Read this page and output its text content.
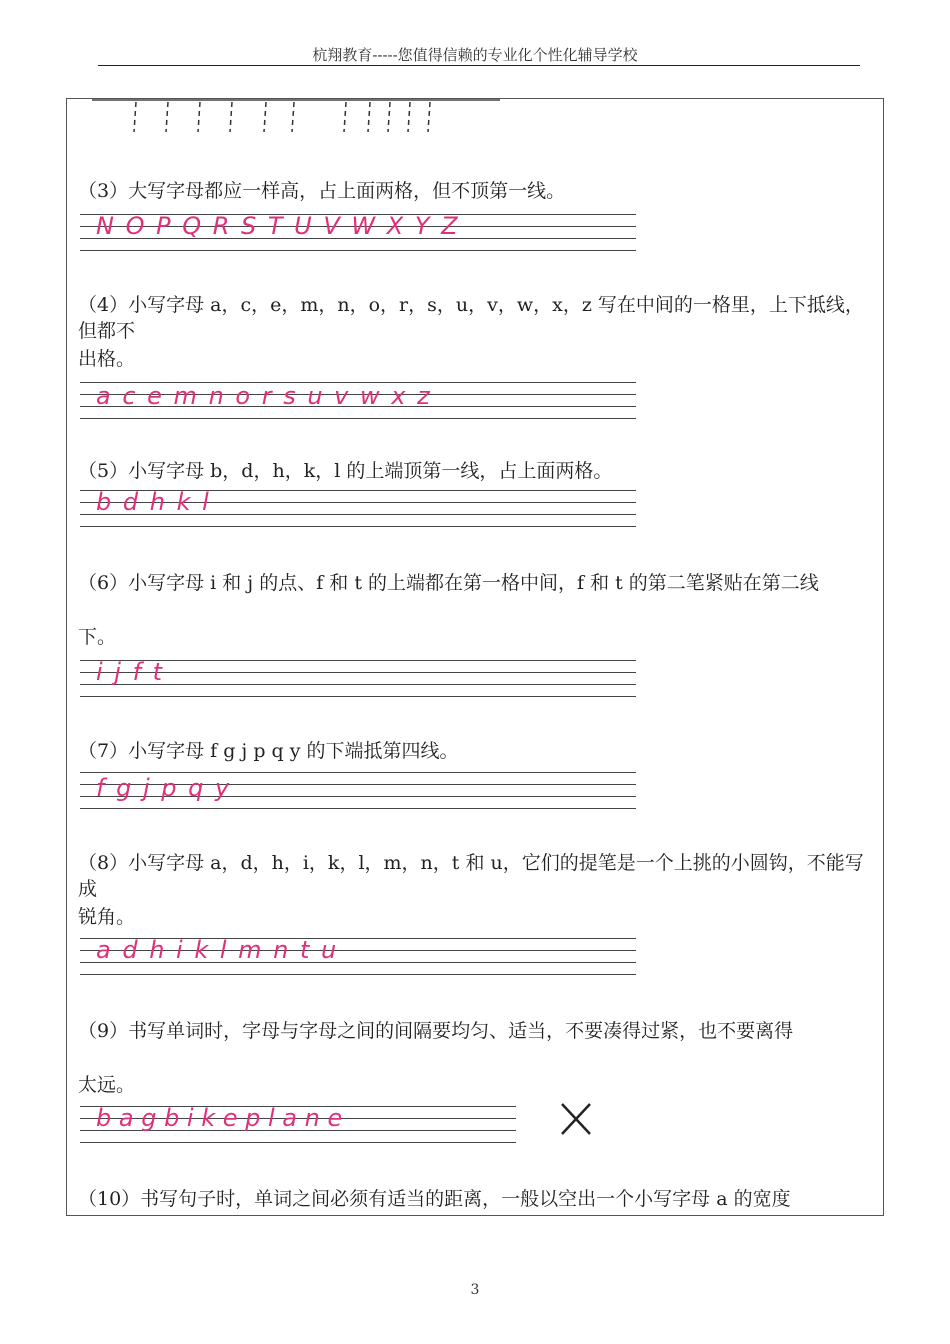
杭翔教育-----您值得信赖的专业化个性化辅导学校
（3）大写字母都应一样高，占上面两格，但不顶第一线。
N O P Q R S T U V W X Y Z
（4）小写字母 a，c，e，m，n，o，r，s，u，v，w，x，z 写在中间的一格里，上下抵线，但都不
出格。
a c e m n o r s u v w x z
（5）小写字母 b，d，h，k，l 的上端顶第一线，占上面两格。
b d h k l
（6）小写字母 i 和 j 的点、f 和 t 的上端都在第一格中间，f 和 t 的第二笔紧贴在第二线
下。
i j f t
（7）小写字母 f g j p q y 的下端抵第四线。
f g j p q y
（8）小写字母 a，d，h，i，k，l，m，n，t 和 u，它们的提笔是一个上挑的小圆钩，不能写成
锐角。
a d h i k l m n t u
（9）书写单词时，字母与字母之间的间隔要均匀、适当，不要凑得过紧，也不要离得
太远。
b a g b i k e p l a n e
（10）书写句子时，单词之间必须有适当的距离，一般以空出一个小写字母 a 的宽度
3
